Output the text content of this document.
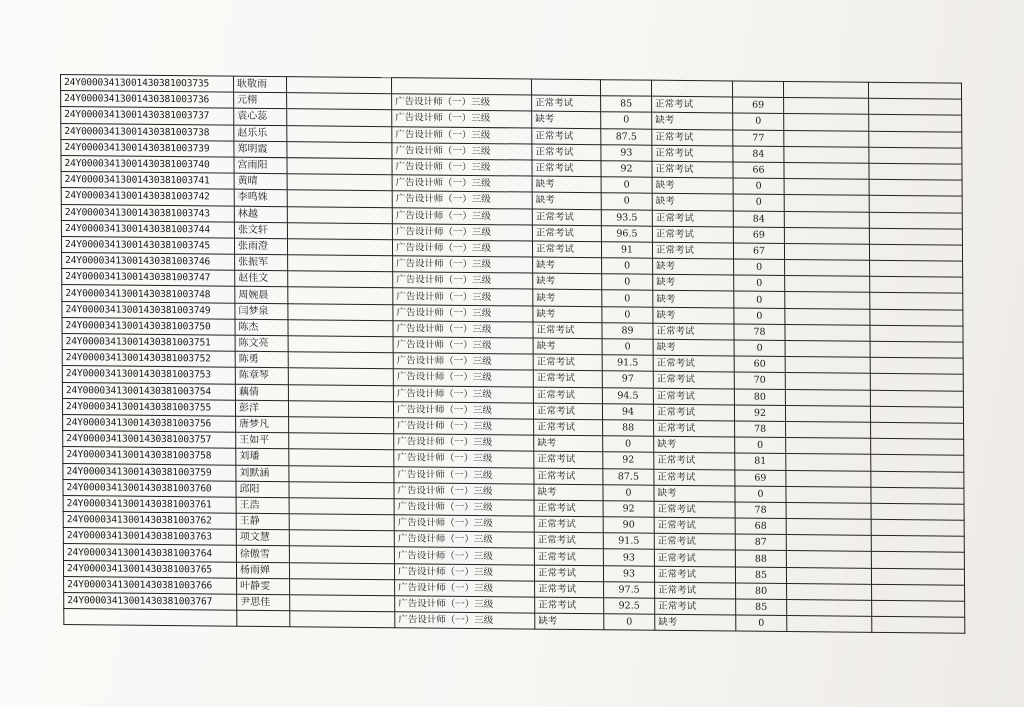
24Y000034130014303810O3735	耿敬雨								
24Y00003413001430381003736	元栩		广告设计师（一）三级	正常考试	85	正常考试	69		
24Y00003413001430381003737	袁心蕊		广告设计师（一）三级	缺考	0	缺考	0		
24Y00003413001430381003738	赵乐乐		广告设计师（一）三级	正常考试	87.5	正常考试	77		
24Y00003413001430381003739	郑明霞		广告设计师（一）三级	正常考试	93	正常考试	84		
24Y00003413001430381003740	宫雨阳		广告设计师（一）三级	正常考试	92	正常考试	66		
24Y00003413001430381003741	黄晴		广告设计师（一）三级	缺考	0	缺考	0		
24Y00003413001430381003742	李鸣姝		广告设计师（一）三级	缺考	0	缺考	0		
24Y00003413001430381003743	林越		广告设计师（一）三级	正常考试	93.5	正常考试	84		
24Y00003413001430381003744	张文轩		广告设计师（一）三级	正常考试	96.5	正常考试	69		
24Y00003413001430381003745	张雨澄		广告设计师（一）三级	正常考试	91	正常考试	67		
24Y00003413001430381003746	张振军		广告设计师（一）三级	缺考	0	缺考	0		
24Y00003413001430381003747	赵佳文		广告设计师（一）三级	缺考	0	缺考	0		
24Y00003413001430381003748	周婉晨		广告设计师（一）三级	缺考	0	缺考	0		
24Y00003413001430381003749	闫梦泉		广告设计师（一）三级	缺考	0	缺考	0		
24Y00003413001430381003750	陈杰		广告设计师（一）三级	正常考试	89	正常考试	78		
24Y00003413001430381003751	陈文亮		广告设计师（一）三级	缺考	0	缺考	0		
24Y00003413001430381003752	陈勇		广告设计师（一）三级	正常考试	91.5	正常考试	60		
24Y00003413001430381003753	陈章琴		广告设计师（一）三级	正常考试	97	正常考试	70		
24Y00003413001430381003754	藕倩		广告设计师（一）三级	正常考试	94.5	正常考试	80		
24Y00003413001430381003755	彭洋		广告设计师（一）三级	正常考试	94	正常考试	92		
24Y00003413001430381003756	唐梦凡		广告设计师（一）三级	正常考试	88	正常考试	78		
24Y00003413001430381003757	王如平		广告设计师（一）三级	缺考	0	缺考	0		
24Y00003413001430381003758	刘璠		广告设计师（一）三级	正常考试	92	正常考试	81		
24Y00003413001430381003759	刘默涵		广告设计师（一）三级	正常考试	87.5	正常考试	69		
24Y00003413001430381003760	邱阳		广告设计师（一）三级	缺考	0	缺考	0		
24Y00003413001430381003761	王浩		广告设计师（一）三级	正常考试	92	正常考试	78		
24Y00003413001430381003762	王静		广告设计师（一）三级	正常考试	90	正常考试	68		
24Y00003413001430381003763	项文慧		广告设计师（一）三级	正常考试	91.5	正常考试	87		
24Y00003413001430381003764	徐傲雪		广告设计师（一）三级	正常考试	93	正常考试	88		
24Y00003413001430381003765	杨雨婵		广告设计师（一）三级	正常考试	93	正常考试	85		
24Y00003413001430381003766	叶静雯		广告设计师（一）三级	正常考试	97.5	正常考试	80		
24Y00003413001430381003767	尹思佳		广告设计师（一）三级	正常考试	92.5	正常考试	85		
			广告设计师（一）三级	缺考	0	缺考	0		
